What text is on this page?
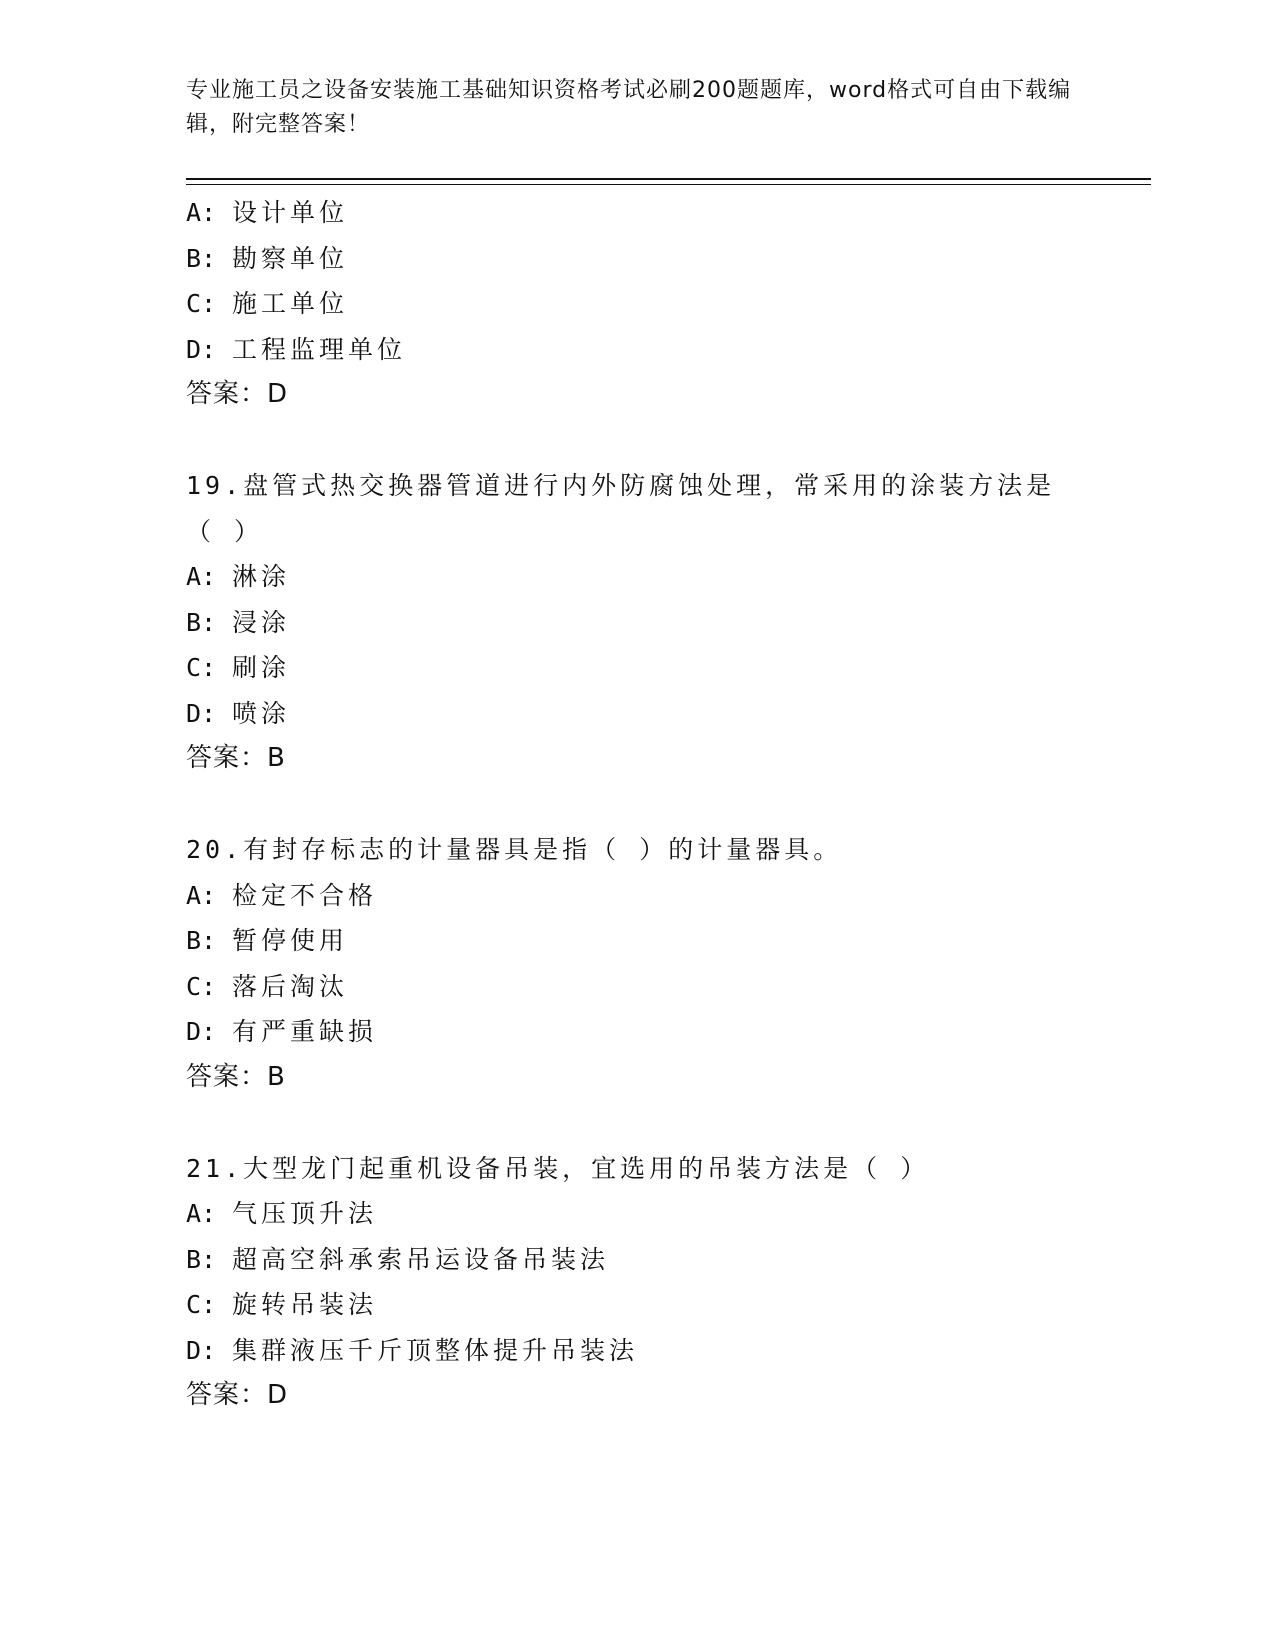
专业施工员之设备安装施工基础知识资格考试必刷200题题库，word格式可自由下载编辑，附完整答案！
A: 设计单位
B: 勘察单位
C: 施工单位
D: 工程监理单位
答案：D
19.盘管式热交换器管道进行内外防腐蚀处理，常采用的涂装方法是（ ）
A: 淋涂
B: 浸涂
C: 刷涂
D: 喷涂
答案：B
20.有封存标志的计量器具是指（ ）的计量器具。
A: 检定不合格
B: 暂停使用
C: 落后淘汰
D: 有严重缺损
答案：B
21.大型龙门起重机设备吊装，宜选用的吊装方法是（ ）
A: 气压顶升法
B: 超高空斜承索吊运设备吊装法
C: 旋转吊装法
D: 集群液压千斤顶整体提升吊装法
答案：D
